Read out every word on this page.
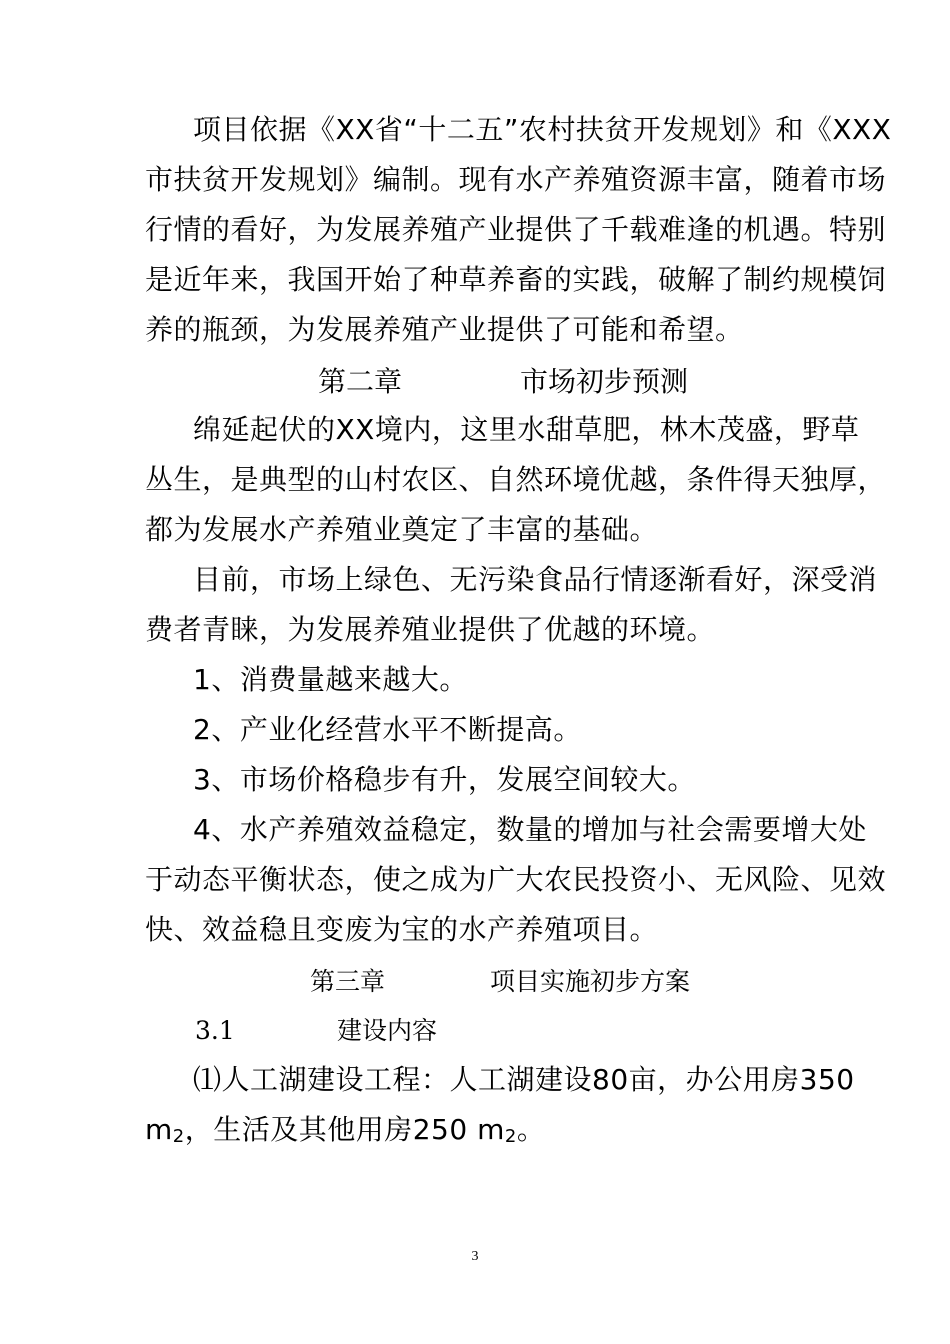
项目依据《XX省“十二五”农村扶贫开发规划》和《XXX
市扶贫开发规划》编制。现有水产养殖资源丰富，随着市场
行情的看好，为发展养殖产业提供了千载难逢的机遇。特别
是近年来，我国开始了种草养畜的实践，破解了制约规模饲
养的瓶颈，为发展养殖产业提供了可能和希望。
第二章	市场初步预测
绵延起伏的XX境内，这里水甜草肥，林木茂盛，野草
丛生，是典型的山村农区、自然环境优越，条件得天独厚，
都为发展水产养殖业奠定了丰富的基础。
目前，市场上绿色、无污染食品行情逐渐看好，深受消
费者青睐，为发展养殖业提供了优越的环境。
1、消费量越来越大。
2、产业化经营水平不断提高。
3、市场价格稳步有升，发展空间较大。
4、水产养殖效益稳定，数量的增加与社会需要增大处
于动态平衡状态，使之成为广大农民投资小、无风险、见效
快、效益稳且变废为宝的水产养殖项目。
第三章	项目实施初步方案
3.1	建设内容
⑴人工湖建设工程：人工湖建设80亩，办公用房350
$m_2$，生活及其他用房250 $m_2$。
3
